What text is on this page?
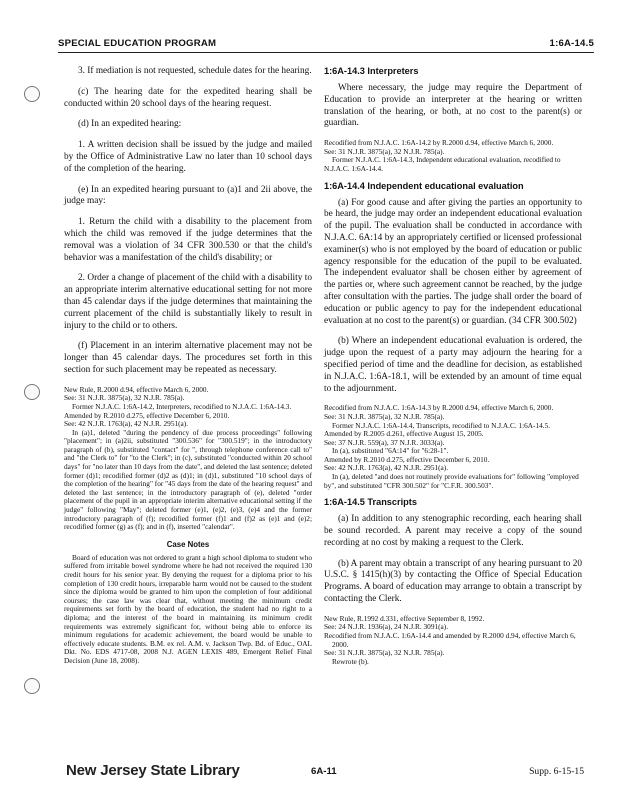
SPECIAL EDUCATION PROGRAM	1:6A-14.5

3. If mediation is not requested, schedule dates for the hearing.

(c) The hearing date for the expedited hearing shall be conducted within 20 school days of the hearing request.

(d) In an expedited hearing:

1. A written decision shall be issued by the judge and mailed by the Office of Administrative Law no later than 10 school days of the completion of the hearing.

(e) In an expedited hearing pursuant to (a)1 and 2ii above, the judge may:

1. Return the child with a disability to the placement from which the child was removed if the judge determines that the removal was a violation of 34 CFR 300.530 or that the child's behavior was a manifestation of the child's disability; or

2. Order a change of placement of the child with a disability to an appropriate interim alternative educational setting for not more than 45 calendar days if the judge determines that maintaining the current placement of the child is substantially likely to result in injury to the child or to others.

(f) Placement in an interim alternative placement may not be longer than 45 calendar days. The procedures set forth in this section for such placement may be repeated as necessary.

New Rule, R.2000 d.94, effective March 6, 2000.

See: 31 N.J.R. 3875(a), 32 N.J.R. 785(a).

Former N.J.A.C. 1:6A-14.2, Interpreters, recodified to N.J.A.C. 1:6A-14.3.

Amended by R.2010 d.275, effective December 6, 2010.

See: 42 N.J.R. 1763(a), 42 N.J.R. 2951(a).

In (a)1, deleted "during the pendency of due process proceedings" following "placement"; in (a)2ii, substituted "300.536" for "300.519"; in the introductory paragraph of (b), substituted "contact" for ", through telephone conference call to" and "the Clerk to" for "to the Clerk"; in (c), substituted "conducted within 20 school days" for "no later than 10 days from the date", and deleted the last sentence; deleted former (d)1; recodified former (d)2 as (d)1; in (d)1, substituted "10 school days of the completion of the hearing" for "45 days from the date of the hearing request" and deleted the last sentence; in the introductory paragraph of (e), deleted "order placement of the pupil in an appropriate interim alternative educational setting if the judge" following "May"; deleted former (e)1, (e)2, (e)3, (e)4 and the former introductory paragraph of (f); recodified former (f)1 and (f)2 as (e)1 and (e)2; recodified former (g) as (f); and in (f), inserted "calendar".

Case Notes

Board of education was not ordered to grant a high school diploma to student who suffered from irritable bowel syndrome where he had not received the required 130 credit hours for his senior year. By denying the request for a diploma prior to his completion of 130 credit hours, irreparable harm would not be caused to the student since the diploma would be granted to him upon the completion of four additional courses; the case law was clear that, without meeting the minimum credit requirements set forth by the board of education, the student had no right to a diploma; and the interest of the board in maintaining its minimum credit requirements was extremely significant for, without being able to enforce its minimum regulations for academic achievement, the board would be unable to effectively educate students. B.M. ex rel. A.M. v. Jackson Twp. Bd. of Educ., OAL Dkt. No. EDS 4717-08, 2008 N.J. AGEN LEXIS 489, Emergent Relief Final Decision (June 18, 2008).

1:6A-14.3 Interpreters

Where necessary, the judge may require the Department of Education to provide an interpreter at the hearing or written translation of the hearing, or both, at no cost to the parent(s) or guardian.

Recodified from N.J.A.C. 1:6A-14.2 by R.2000 d.94, effective March 6, 2000.

See: 31 N.J.R. 3875(a), 32 N.J.R. 785(a).

Former N.J.A.C. 1:6A-14.3, Independent educational evaluation, recodified to N.J.A.C. 1:6A-14.4.

1:6A-14.4 Independent educational evaluation

(a) For good cause and after giving the parties an opportunity to be heard, the judge may order an independent educational evaluation of the pupil. The evaluation shall be conducted in accordance with N.J.A.C. 6A:14 by an appropriately certified or licensed professional examiner(s) who is not employed by the board of education or public agency responsible for the education of the pupil to be evaluated. The independent evaluator shall be chosen either by agreement of the parties or, where such agreement cannot be reached, by the judge after consultation with the parties. The judge shall order the board of education or public agency to pay for the independent educational evaluation at no cost to the parent(s) or guardian. (34 CFR 300.502)

(b) Where an independent educational evaluation is ordered, the judge upon the request of a party may adjourn the hearing for a specified period of time and the deadline for decision, as established in N.J.A.C. 1:6A-18.1, will be extended by an amount of time equal to the adjournment.

Recodified from N.J.A.C. 1:6A-14.3 by R.2000 d.94, effective March 6, 2000.

See: 31 N.J.R. 3875(a), 32 N.J.R. 785(a).

Former N.J.A.C. 1:6A-14.4, Transcripts, recodified to N.J.A.C. 1:6A-14.5.

Amended by R.2005 d.261, effective August 15, 2005.

See: 37 N.J.R. 559(a), 37 N.J.R. 3033(a).

In (a), substituted "6A:14" for "6:28-1".

Amended by R.2010 d.275, effective December 6, 2010.

See: 42 N.J.R. 1763(a), 42 N.J.R. 2951(a).

In (a), deleted "and does not routinely provide evaluations for" following "employed by", and substituted "CFR 300.502" for "C.F.R. 300.503".

1:6A-14.5 Transcripts

(a) In addition to any stenographic recording, each hearing shall be sound recorded. A parent may receive a copy of the sound recording at no cost by making a request to the Clerk.

(b) A parent may obtain a transcript of any hearing pursuant to 20 U.S.C. § 1415(h)(3) by contacting the Office of Special Education Programs. A board of education may arrange to obtain a transcript by contacting the Clerk.

New Rule, R.1992 d.331, effective September 8, 1992.

See: 24 N.J.R. 1936(a), 24 N.J.R. 3091(a).

Recodified from N.J.A.C. 1:6A-14.4 and amended by R.2000 d.94, effective March 6, 2000.

See: 31 N.J.R. 3875(a), 32 N.J.R. 785(a).

Rewrote (b).

New Jersey State Library	6A-11	Supp. 6-15-15
